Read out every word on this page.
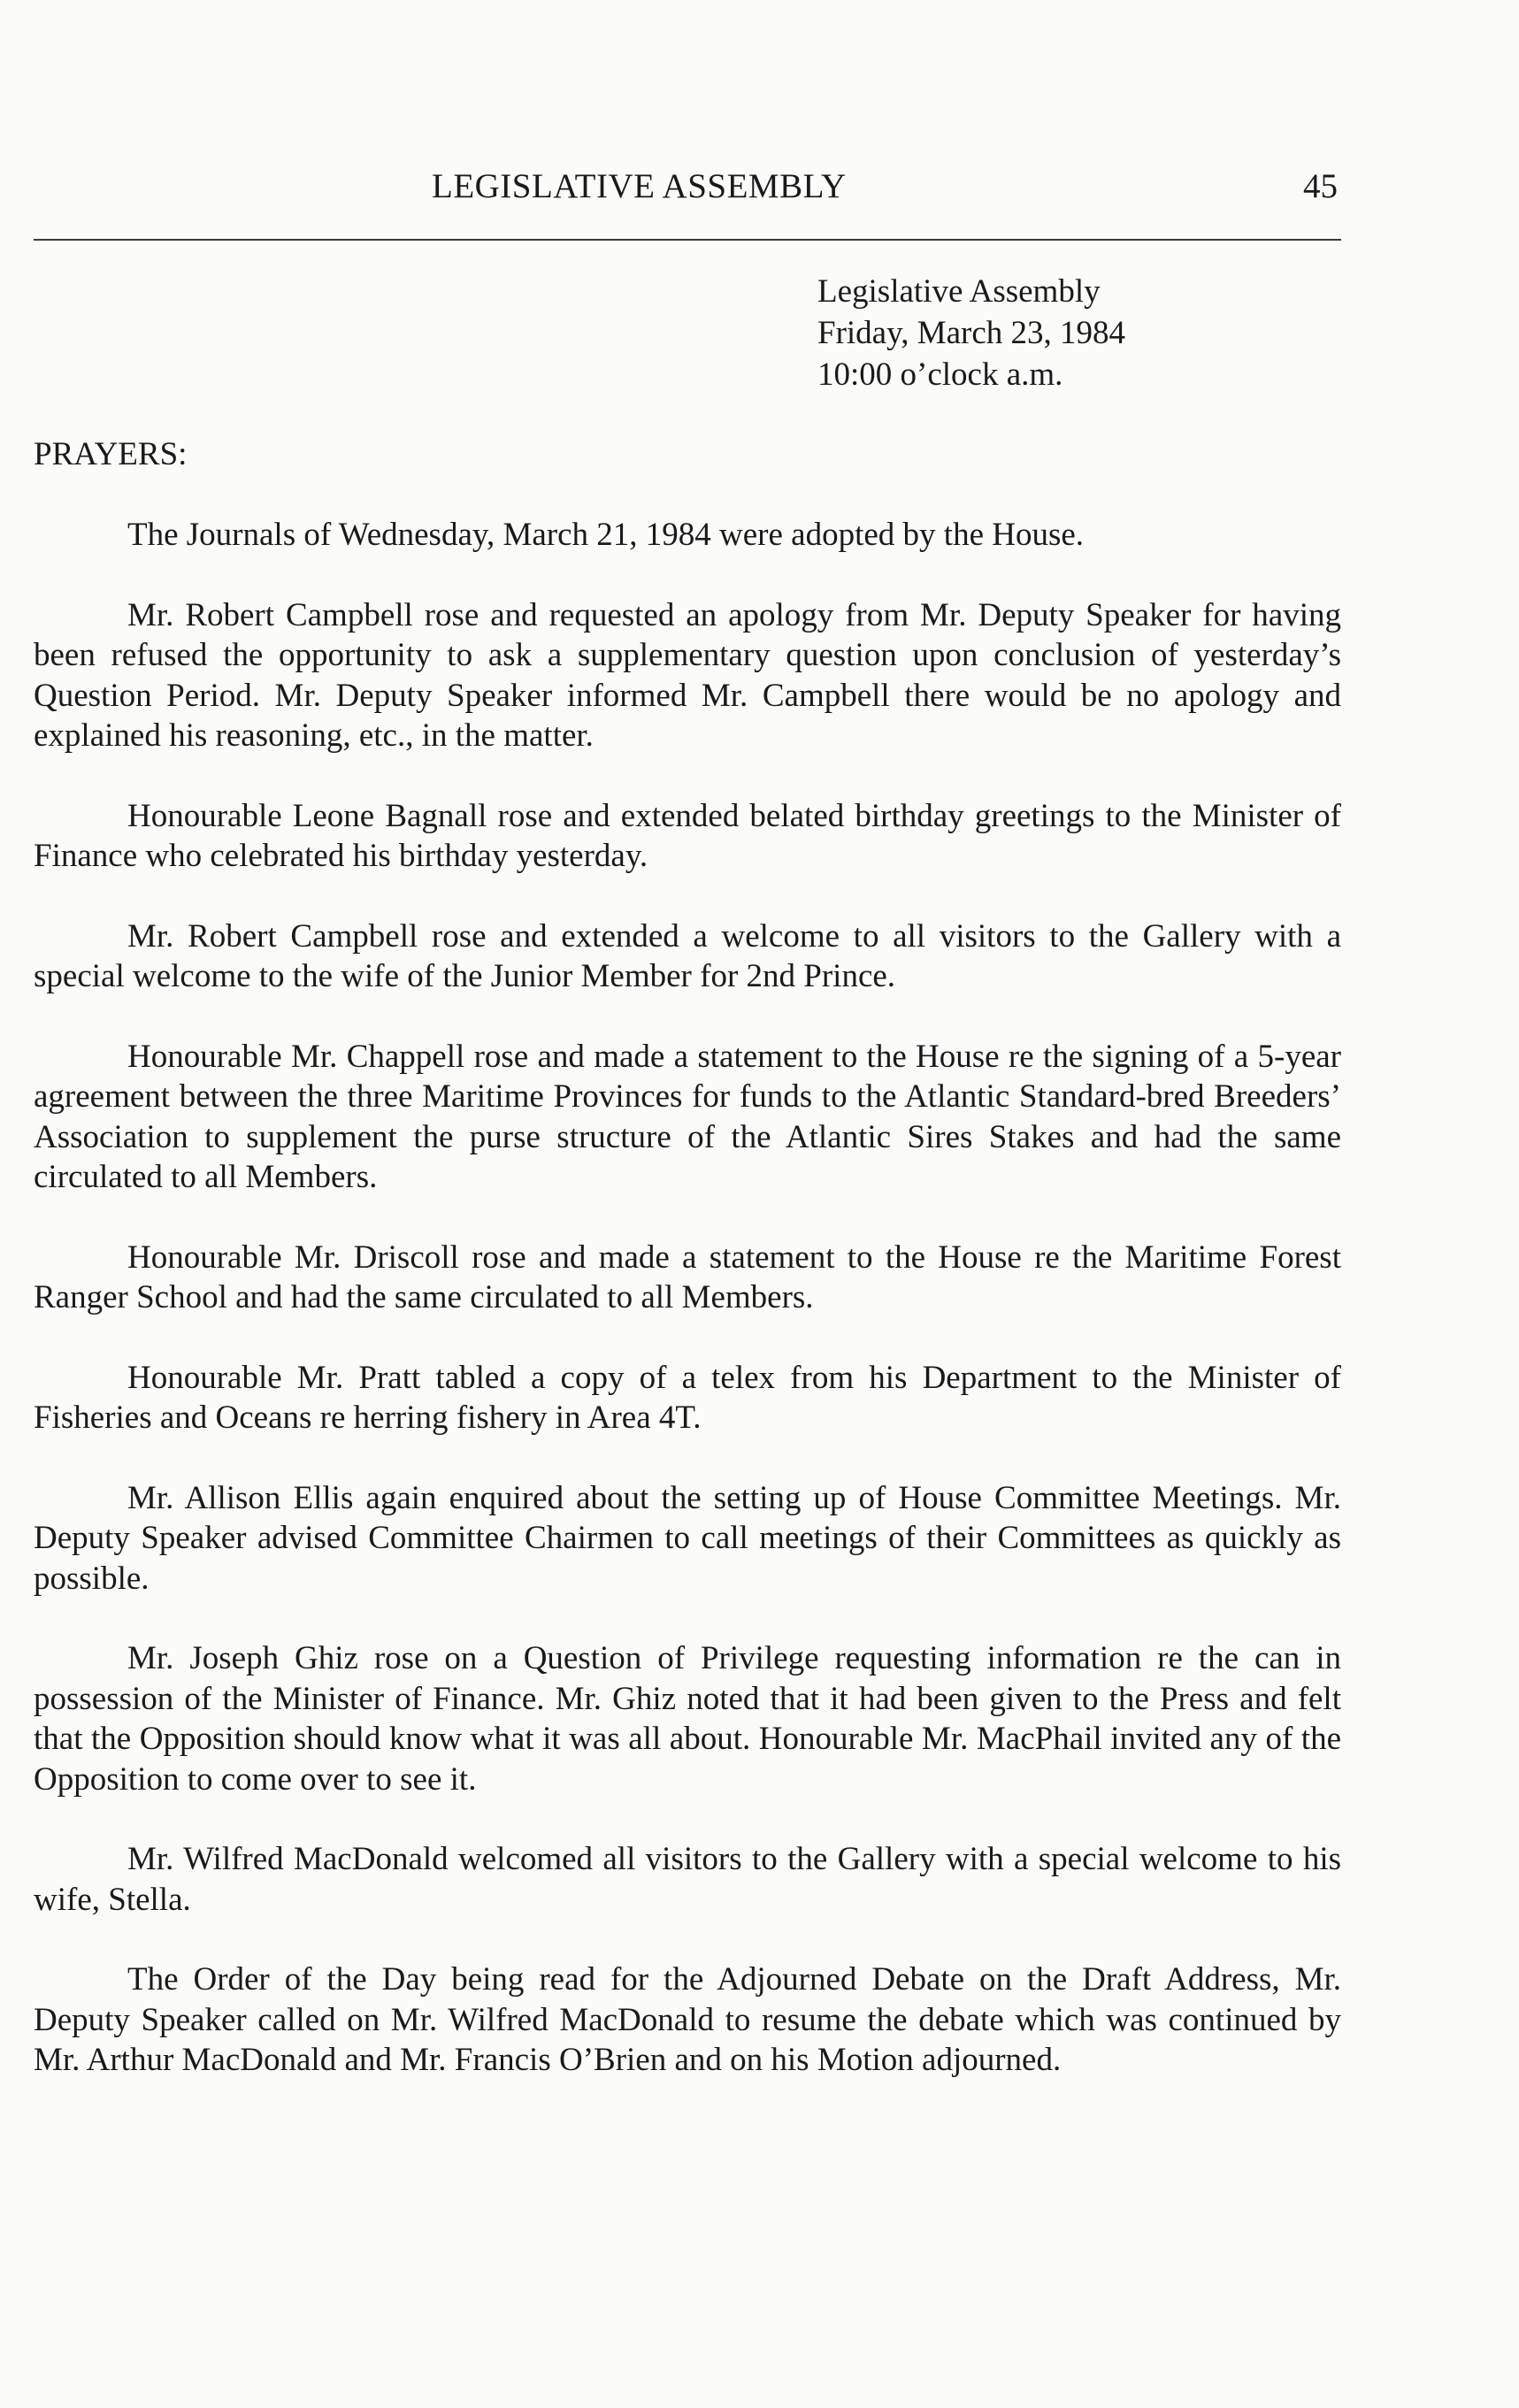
LEGISLATIVE ASSEMBLY	45
Legislative Assembly
Friday, March 23, 1984
10:00 o’clock a.m.
PRAYERS:

The Journals of Wednesday, March 21, 1984 were adopted by the House.

Mr. Robert Campbell rose and requested an apology from Mr. Deputy Speaker for having been refused the opportunity to ask a supplementary question upon conclusion of yesterday’s Question Period. Mr. Deputy Speaker informed Mr. Campbell there would be no apology and explained his reasoning, etc., in the matter.

Honourable Leone Bagnall rose and extended belated birthday greetings to the Minister of Finance who celebrated his birthday yesterday.

Mr. Robert Campbell rose and extended a welcome to all visitors to the Gallery with a special welcome to the wife of the Junior Member for 2nd Prince.

Honourable Mr. Chappell rose and made a statement to the House re the signing of a 5-year agreement between the three Maritime Provinces for funds to the Atlantic Standard-bred Breeders’ Association to supplement the purse structure of the Atlantic Sires Stakes and had the same circulated to all Members.

Honourable Mr. Driscoll rose and made a statement to the House re the Maritime Forest Ranger School and had the same circulated to all Members.

Honourable Mr. Pratt tabled a copy of a telex from his Department to the Minister of Fisheries and Oceans re herring fishery in Area 4T.

Mr. Allison Ellis again enquired about the setting up of House Committee Meetings. Mr. Deputy Speaker advised Committee Chairmen to call meetings of their Committees as quickly as possible.

Mr. Joseph Ghiz rose on a Question of Privilege requesting information re the can in possession of the Minister of Finance. Mr. Ghiz noted that it had been given to the Press and felt that the Opposition should know what it was all about. Honourable Mr. MacPhail invited any of the Opposition to come over to see it.

Mr. Wilfred MacDonald welcomed all visitors to the Gallery with a special welcome to his wife, Stella.

The Order of the Day being read for the Adjourned Debate on the Draft Address, Mr. Deputy Speaker called on Mr. Wilfred MacDonald to resume the debate which was continued by Mr. Arthur MacDonald and Mr. Francis O’Brien and on his Motion adjourned.
